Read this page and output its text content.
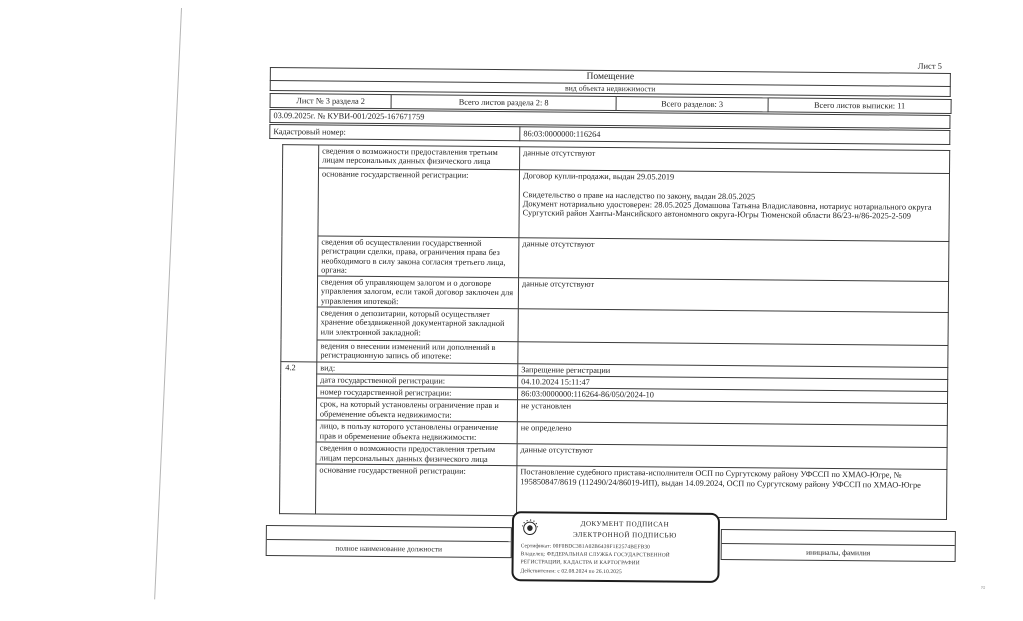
Лист 5
Помещение
вид объекта недвижимости
Лист № 3 раздела 2	Всего листов раздела 2: 8	Всего разделов: 3	Всего листов выписки: 11
03.09.2025г. № КУВИ-001/2025-167671759
Кадастровый номер:	86:03:0000000:116264
	сведения о возможности предоставления третьим лицам персональных данных физического лица	данные отсутствуют
	основание государственной регистрации:	Договор купли-продажи, выдан 29.05.2019

Свидетельство о праве на наследство по закону, выдан 28.05.2025
Документ нотариально удостоверен: 28.05.2025 Домашова Татьяна Владиславовна, нотариус нотариального округа Сургутский район Ханты-Мансийского автономного округа-Югры Тюменской области 86/23-н/86-2025-2-509
	сведения об осуществлении государственной регистрации сделки, права, ограничения права без необходимого в силу закона согласия третьего лица, органа:	данные отсутствуют
	сведения об управляющем залогом и о договоре управления залогом, если такой договор заключен для управления ипотекой:	данные отсутствуют
	сведения о депозитарии, который осуществляет хранение обездвиженной документарной закладной или электронной закладной:	
	ведения о внесении изменений или дополнений в регистрационную запись об ипотеке:	
4.2	вид:	Запрещение регистрации
	дата государственной регистрации:	04.10.2024 15:11:47
	номер государственной регистрации:	86:03:0000000:116264-86/050/2024-10
	срок, на который установлены ограничение прав и обременение объекта недвижимости:	не установлен
	лицо, в пользу которого установлены ограничение прав и обременение объекта недвижимости:	не определено
	сведения о возможности предоставления третьим лицам персональных данных физического лица	данные отсутствуют
	основание государственной регистрации:	Постановление судебного пристава-исполнителя ОСП по Сургутскому району УФССП по ХМАО-Югре, № 195850847/8619 (112490/24/86019-ИП), выдан 14.09.2024, ОСП по Сургутскому району УФССП по ХМАО-Югре
полное наименование должности	инициалы, фамилия
ДОКУМЕНТ ПОДПИСАН
ЭЛЕКТРОННОЙ ПОДПИСЬЮ
Сертификат: 00F0BDC381A02B6439F1E2574BEFB30
Владелец: ФЕДЕРАЛЬНАЯ СЛУЖБА ГОСУДАРСТВЕННОЙ
РЕГИСТРАЦИИ, КАДАСТРА И КАРТОГРАФИИ
Действителен: с 02.08.2024 по 26.10.2025
≈
